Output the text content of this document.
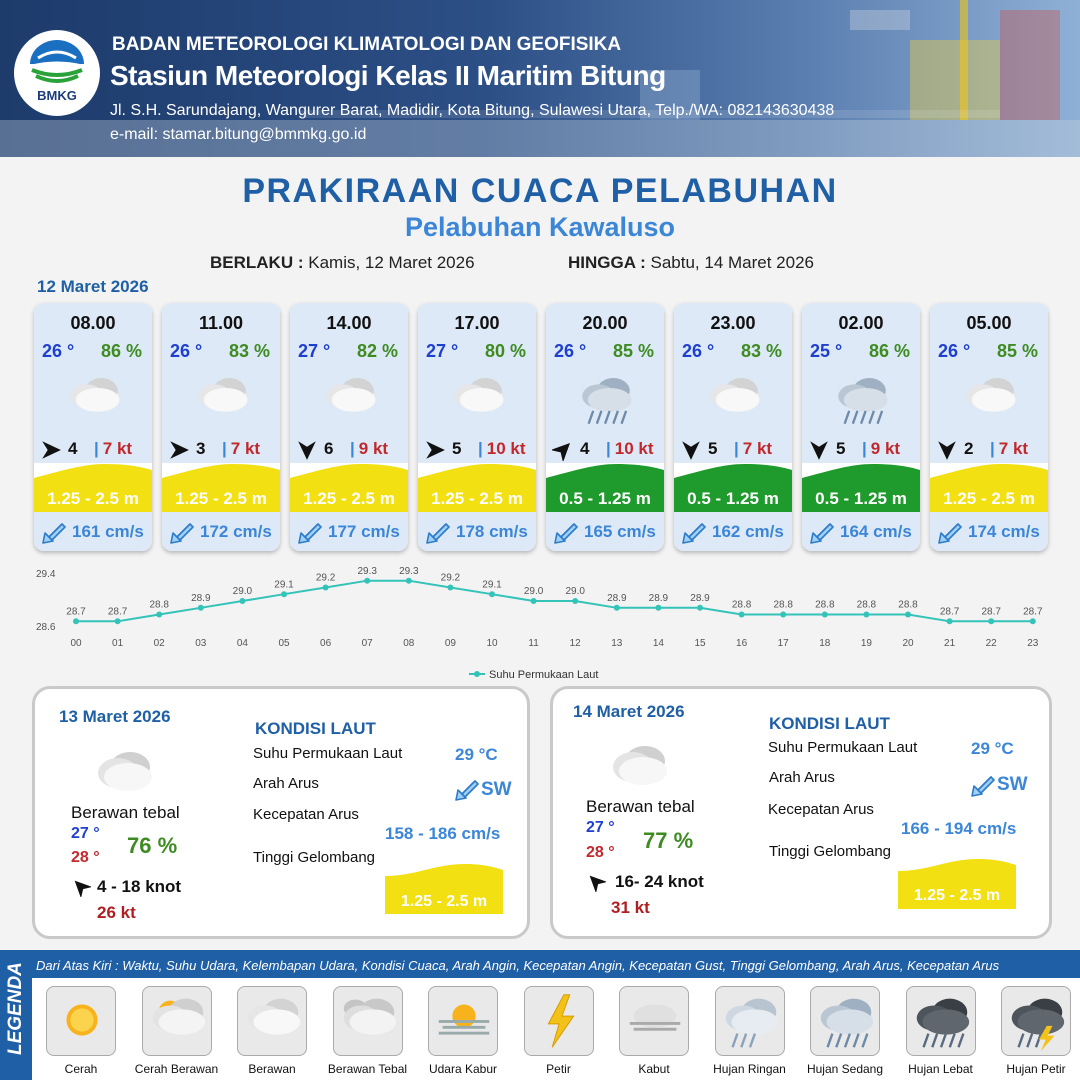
BMKG
BADAN METEOROLOGI KLIMATOLOGI DAN GEOFISIKA
Stasiun Meteorologi Kelas II Maritim Bitung
Jl. S.H. Sarundajang, Wangurer Barat, Madidir, Kota Bitung, Sulawesi Utara, Telp./WA: 082143630438
e-mail: stamar.bitung@bmmkg.go.id
PRAKIRAAN CUACA PELABUHAN
Pelabuhan Kawaluso
BERLAKU : Kamis, 12 Maret 2026	HINGGA : Sabtu, 14 Maret 2026
12 Maret 2026
08.00
26 ° 86 %
4 | 7 kt
1.25 - 2.5 m
161 cm/s
11.00
26 ° 83 %
3 | 7 kt
1.25 - 2.5 m
172 cm/s
14.00
27 ° 82 %
6 | 9 kt
1.25 - 2.5 m
177 cm/s
17.00
27 ° 80 %
5 | 10 kt
1.25 - 2.5 m
178 cm/s
20.00
26 ° 85 %
4 | 10 kt
0.5 - 1.25 m
165 cm/s
23.00
26 ° 83 %
5 | 7 kt
0.5 - 1.25 m
162 cm/s
02.00
25 ° 86 %
5 | 9 kt
0.5 - 1.25 m
164 cm/s
05.00
26 ° 85 %
2 | 7 kt
1.25 - 2.5 m
174 cm/s
29.4
28.6
00	01	02	03	04	05	06	07	08	09	10	11	12	13	14	15	16	17	18	19	20	21	22	23
28.7 28.7
28.8
28.9
29.0
29.1
29.2
29.3 29.3
29.2
29.1
29.0 29.0
28.9 28.9 28.9
28.8 28.8 28.8 28.8 28.8
28.7 28.7 28.7
Suhu Permukaan Laut
13 Maret 2026
Berawan tebal
27 °
28 ° 76 %
4 - 18 knot
26 kt
KONDISI LAUT
Suhu Permukaan Laut	29 °C
Arah Arus	SW
Kecepatan Arus
158 - 186 cm/s
Tinggi Gelombang
1.25 - 2.5 m
14 Maret 2026
Berawan tebal
27 °
28 ° 77 %
16- 24 knot
31 kt
KONDISI LAUT
Suhu Permukaan Laut	29 °C
Arah Arus	SW
Kecepatan Arus
166 - 194 cm/s
Tinggi Gelombang
1.25 - 2.5 m
LEGENDA Dari Atas Kiri : Waktu, Suhu Udara, Kelembapan Udara, Kondisi Cuaca, Arah Angin, Kecepatan Angin, Kecepatan Gust, Tinggi Gelombang, Arah Arus, Kecepatan Arus
Cerah	Cerah Berawan	Berawan	Berawan Tebal	Udara Kabur	Petir	Kabut	Hujan Ringan	Hujan Sedang	Hujan Lebat	Hujan Petir
